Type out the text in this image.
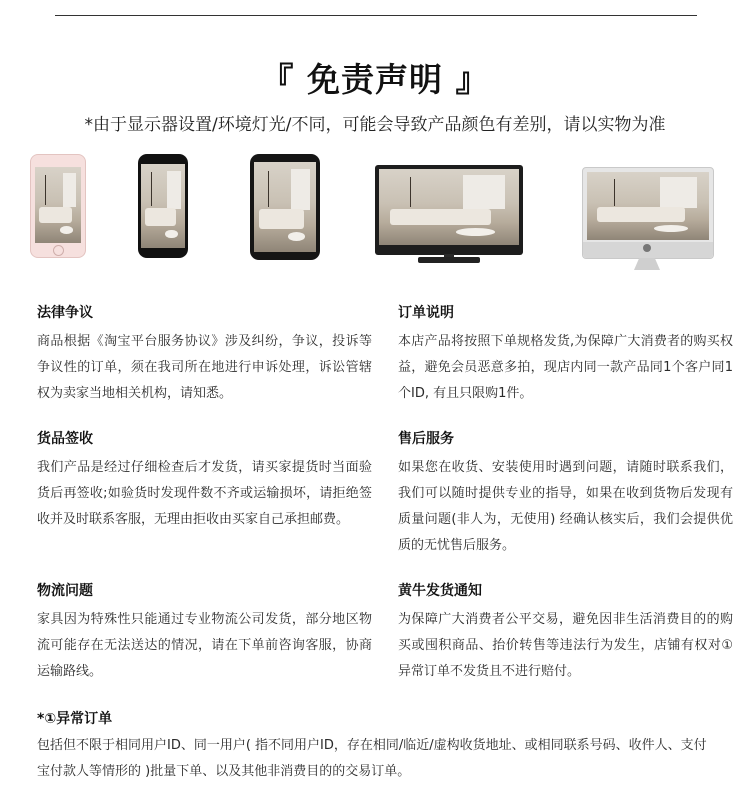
『 免责声明 』
*由于显示器设置/环境灯光/不同，可能会导致产品颜色有差别，请以实物为准
法律争议

商品根据《淘宝平台服务协议》涉及纠纷，争议，投诉等争议性的订单，须在我司所在地进行申诉处理，诉讼管辖权为卖家当地相关机构，请知悉。

订单说明

本店产品将按照下单规格发货,为保障广大消费者的购买权益，避免会员恶意多拍，现店内同一款产品同1个客户同1个ID, 有且只限购1件。

货品签收

我们产品是经过仔细检查后才发货，请买家提货时当面验货后再签收;如验货时发现件数不齐或运输损坏，请拒绝签收并及时联系客服，无理由拒收由买家自己承担邮费。

售后服务

如果您在收货、安装使用时遇到问题，请随时联系我们，我们可以随时提供专业的指导，如果在收到货物后发现有质量问题(非人为，无使用) 经确认核实后，我们会提供优质的无忧售后服务。

物流问题

家具因为特殊性只能通过专业物流公司发货，部分地区物流可能存在无法送达的情况，请在下单前咨询客服，协商运输路线。

黄牛发货通知

为保障广大消费者公平交易，避免因非生活消费目的的购买或囤积商品、抬价转售等违法行为发生，店铺有权对①异常订单不发货且不进行赔付。

*①异常订单

包括但不限于相同用户ID、同一用户( 指不同用户ID，存在相同/临近/虚构收货地址、或相同联系号码、收件人、支付宝付款人等情形的 )批量下单、以及其他非消费目的的交易订单。
